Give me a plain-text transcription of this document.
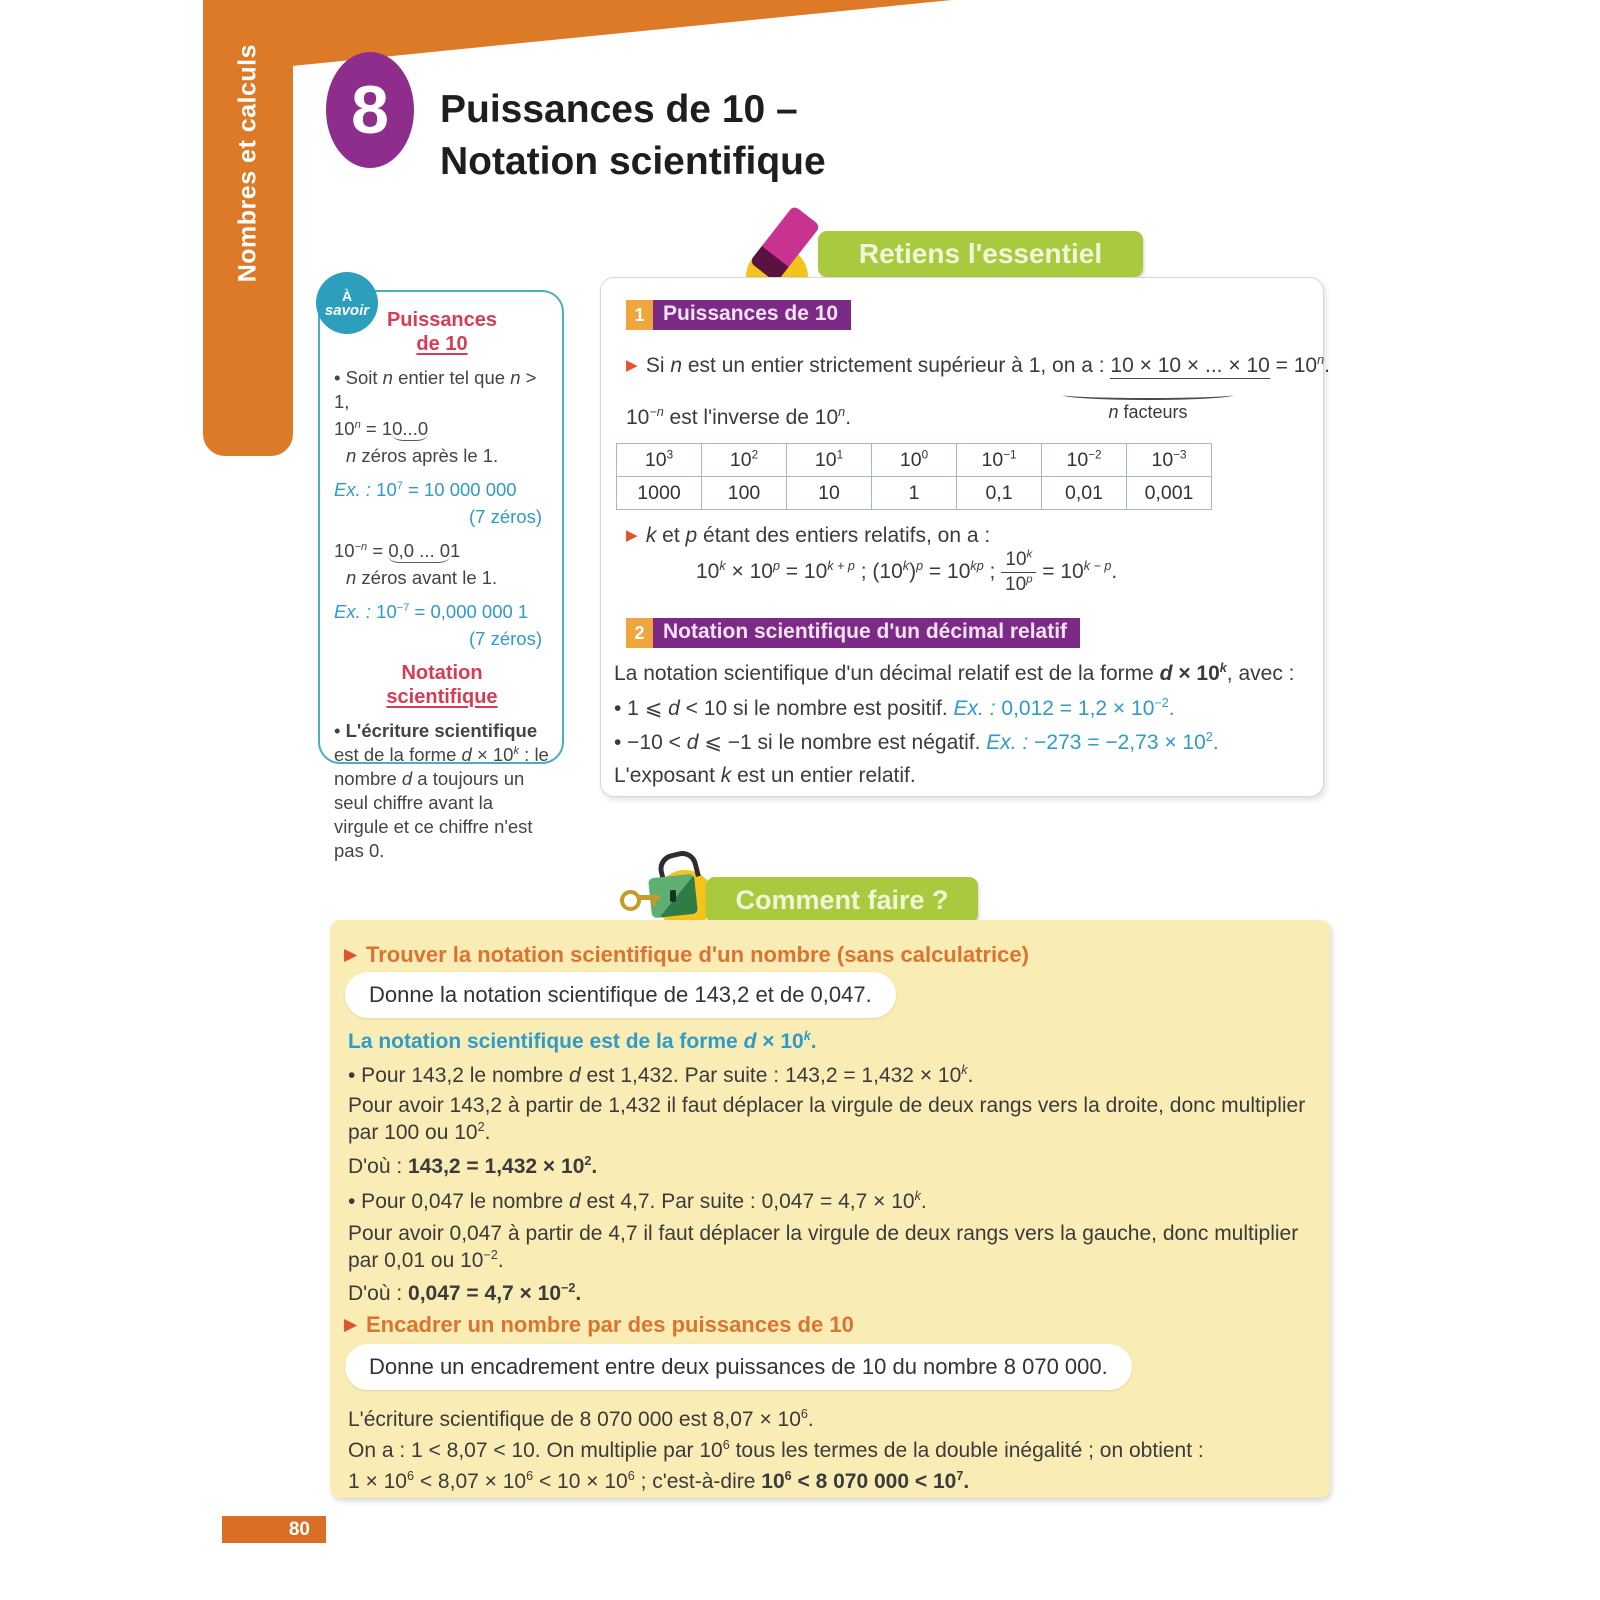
Nombres et calculs 8 Puissances de 10 –
Notation scientifique
À
savoir Puissances
de 10
• Soit n entier tel que n > 1,
$10^n = 10...0$
n zéros après le 1.
Ex. : $10^7 = 10$ 000 000
(7 zéros)
$10^{-n} = 0,0$ ... 01
n zéros avant le 1.
Ex. : $10^{-7} = 0,000$ 000 1
(7 zéros)
Notation
scientifique
• L'écriture scientifique est de la forme $d \times 10^k$ : le nombre d a toujours un seul chiffre avant la virgule et ce chiffre n'est pas 0.
Retiens l'essentiel
1 Puissances de 10
▶ Si n est un entier strictement supérieur à 1, on a : 10 × 10 × ... × $10 = 10^n$.
n facteurs
$10^{-n}$ est l'inverse de 10$^n$.
$10^3$	$10^2$	$10^1$	$10^0$	$10^{-1}$	$10^{-2}$	$10^{-3}$
1000	100	10	1	0,1	0,01	0,001
▶ k et p étant des entiers relatifs, on a :
$10^k \times 10^p = 10^{k + p}$ ; $(10^k)^p = 10^{kp}$ ; $\frac{10^k}{10^p} = 10^{k - p}$.
2 Notation scientifique d'un décimal relatif
La notation scientifique d'un décimal relatif est de la forme $d \times 10^k$, avec :
• 1 ⩽ d < 10 si le nombre est positif. Ex. : $0,012 = 1,2 \times 10^{-2}$.
• −10 < d ⩽ −1 si le nombre est négatif. Ex. : $-273 = -2,73 \times 10^2$.
L'exposant k est un entier relatif.
Comment faire ?
▶ Trouver la notation scientifique d'un nombre (sans calculatrice)
Donne la notation scientifique de 143,2 et de 0,047.
La notation scientifique est de la forme $d \times 10^k$.
• Pour 143,2 le nombre d est 1,432. Par suite : $143,2 = 1,432 \times 10^k$.
Pour avoir 143,2 à partir de 1,432 il faut déplacer la virgule de deux rangs vers la droite, donc multiplier
par 100 ou $10^2$.
D'où : $143,2 = 1,432 \times 10^2$.
• Pour 0,047 le nombre d est 4,7. Par suite : $0,047 = 4,7 \times 10^k$.
Pour avoir 0,047 à partir de 4,7 il faut déplacer la virgule de deux rangs vers la gauche, donc multiplier
par 0,01 ou $10^{-2}$.
D'où : $0,047 = 4,7 \times 10^{-2}$.
▶ Encadrer un nombre par des puissances de 10
Donne un encadrement entre deux puissances de 10 du nombre 8 070 000.
L'écriture scientifique de 8 070 000 est $8,07 \times 10^6$.
On a : 1 < 8,07 < 10. On multiplie par $10^6$ tous les termes de la double inégalité ; on obtient :
$1 \times 10^6 < 8,07 \times 10^6 < 10 \times 10^6$ ; c'est-à-dire $10^6 < 8$ 070 $000 < 10^7$.
80
